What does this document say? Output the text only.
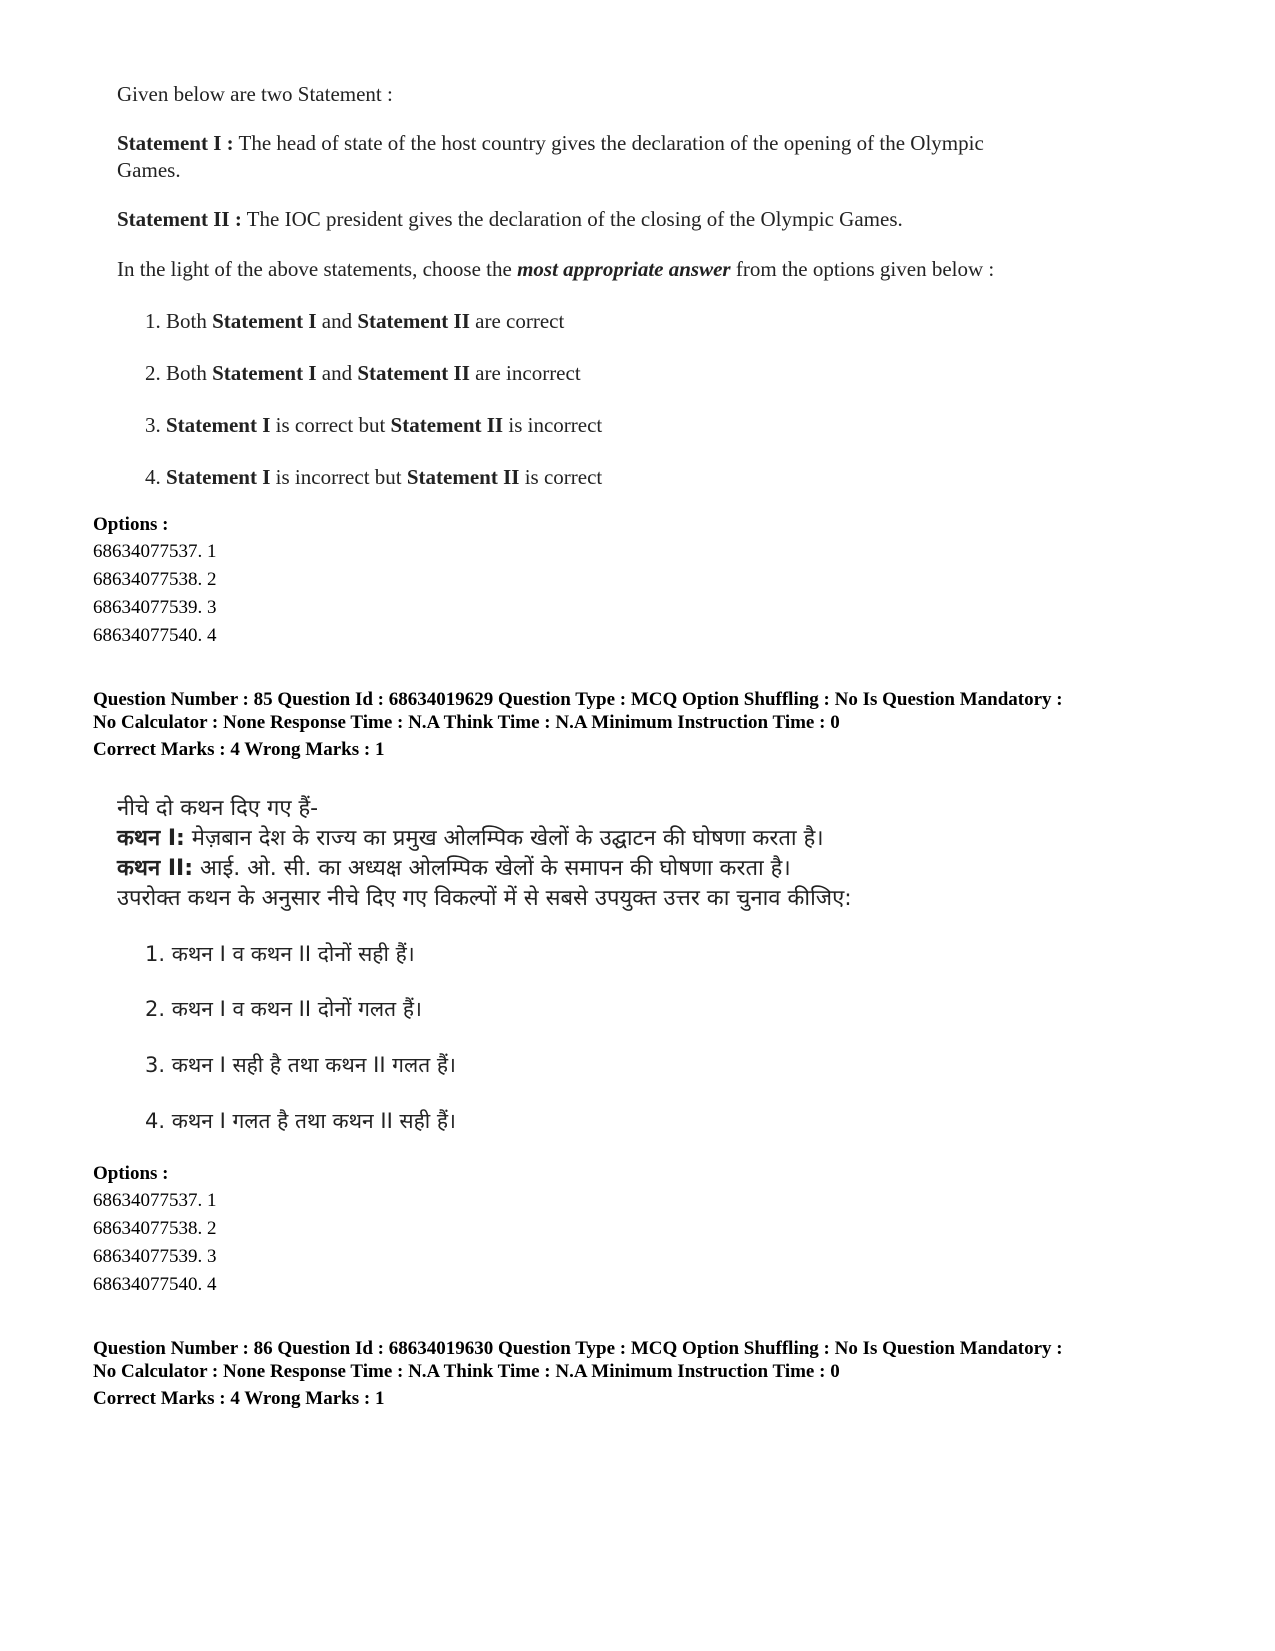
Given below are two Statement :
Statement I : The head of state of the host country gives the declaration of the opening of the Olympic
Games.
Statement II : The IOC president gives the declaration of the closing of the Olympic Games.
In the light of the above statements, choose the most appropriate answer from the options given below :
1. Both Statement I and Statement II are correct
2. Both Statement I and Statement II are incorrect
3. Statement I is correct but Statement II is incorrect
4. Statement I is incorrect but Statement II is correct
Options :
68634077537. 1
68634077538. 2
68634077539. 3
68634077540. 4
Question Number : 85 Question Id : 68634019629 Question Type : MCQ Option Shuffling : No Is Question Mandatory :
No Calculator : None Response Time : N.A Think Time : N.A Minimum Instruction Time : 0
Correct Marks : 4 Wrong Marks : 1
नीचे दो कथन दिए गए हैं-
कथन I: मेज़बान देश के राज्य का प्रमुख ओलम्पिक खेलों के उद्घाटन की घोषणा करता है।
कथन II: आई. ओ. सी. का अध्यक्ष ओलम्पिक खेलों के समापन की घोषणा करता है।
उपरोक्त कथन के अनुसार नीचे दिए गए विकल्पों में से सबसे उपयुक्त उत्तर का चुनाव कीजिए:
1. कथन I व कथन II दोनों सही हैं।
2. कथन I व कथन II दोनों गलत हैं।
3. कथन I सही है तथा कथन II गलत हैं।
4. कथन I गलत है तथा कथन II सही हैं।
Options :
68634077537. 1
68634077538. 2
68634077539. 3
68634077540. 4
Question Number : 86 Question Id : 68634019630 Question Type : MCQ Option Shuffling : No Is Question Mandatory :
No Calculator : None Response Time : N.A Think Time : N.A Minimum Instruction Time : 0
Correct Marks : 4 Wrong Marks : 1
